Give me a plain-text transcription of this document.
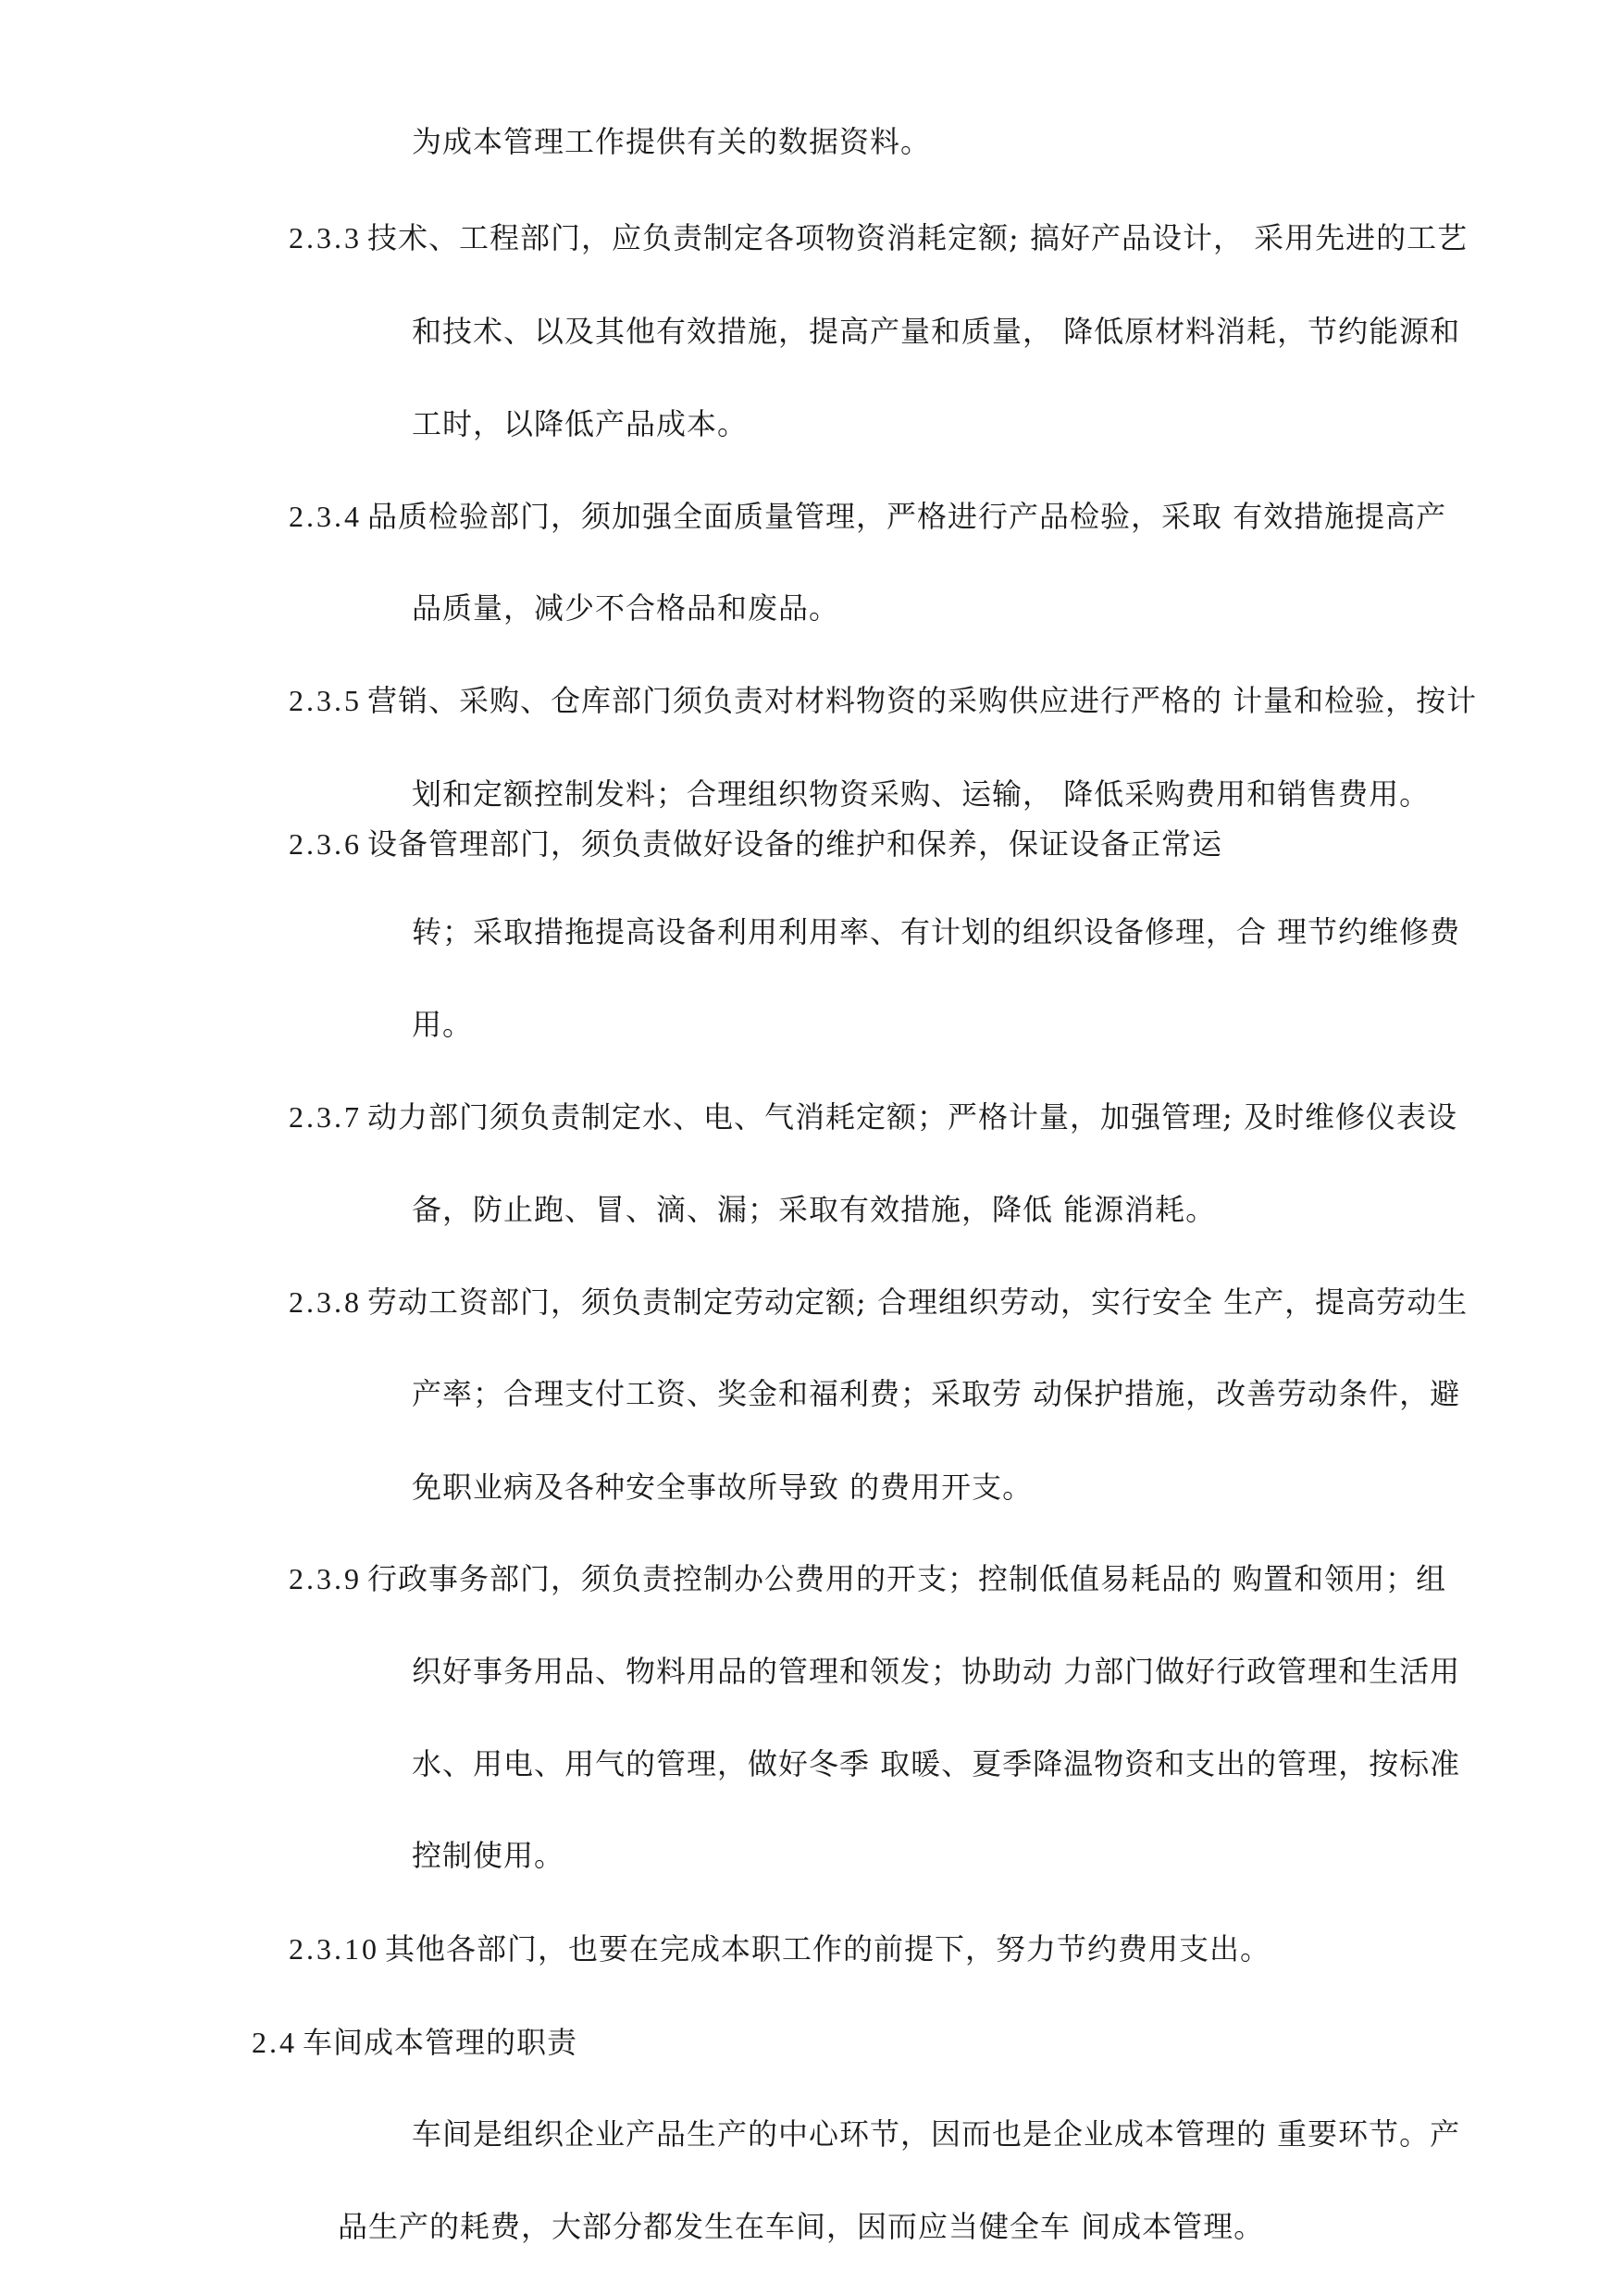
为成本管理工作提供有关的数据资料。
2.3.3 技术、工程部门，应负责制定各项物资消耗定额; 搞好产品设计， 采用先进的工艺
和技术、以及其他有效措施，提高产量和质量， 降低原材料消耗，节约能源和
工时，以降低产品成本。
2.3.4 品质检验部门，须加强全面质量管理，严格进行产品检验，采取 有效措施提高产
品质量，减少不合格品和废品。
2.3.5 营销、采购、仓库部门须负责对材料物资的采购供应进行严格的 计量和检验，按计
划和定额控制发料；合理组织物资采购、运输， 降低采购费用和销售费用。
2.3.6 设备管理部门，须负责做好设备的维护和保养，保证设备正常运
转；采取措拖提高设备利用利用率、有计划的组织设备修理，合 理节约维修费
用。
2.3.7 动力部门须负责制定水、电、气消耗定额；严格计量，加强管理; 及时维修仪表设
备，防止跑、冒、滴、漏；采取有效措施，降低 能源消耗。
2.3.8 劳动工资部门，须负责制定劳动定额; 合理组织劳动，实行安全 生产，提高劳动生
产率；合理支付工资、奖金和福利费；采取劳 动保护措施，改善劳动条件，避
免职业病及各种安全事故所导致 的费用开支。
2.3.9 行政事务部门，须负责控制办公费用的开支；控制低值易耗品的 购置和领用；组
织好事务用品、物料用品的管理和领发；协助动 力部门做好行政管理和生活用
水、用电、用气的管理，做好冬季 取暖、夏季降温物资和支出的管理，按标准
控制使用。
2.3.10 其他各部门，也要在完成本职工作的前提下，努力节约费用支出。
2.4 车间成本管理的职责
车间是组织企业产品生产的中心环节，因而也是企业成本管理的 重要环节。产
品生产的耗费，大部分都发生在车间，因而应当健全车 间成本管理。
